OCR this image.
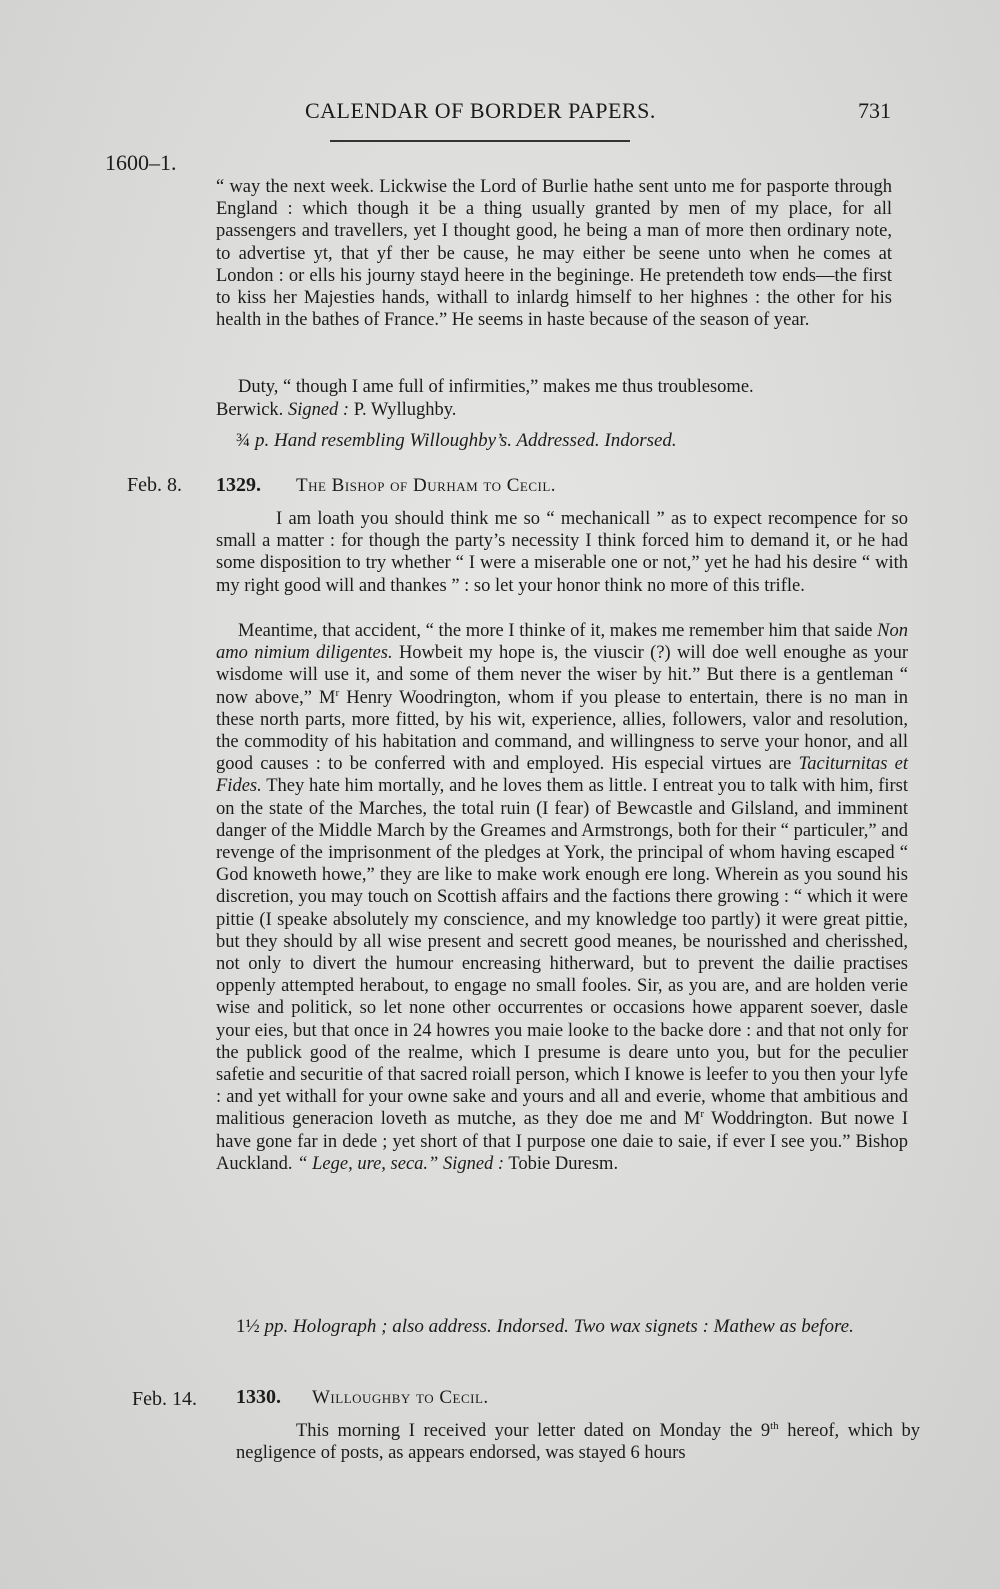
CALENDAR OF BORDER PAPERS.	731
1600–1.

“ way the next week. Lickwise the Lord of Burlie hathe sent unto me for pasporte through England : which though it be a thing usually granted by men of my place, for all passengers and travellers, yet I thought good, he being a man of more then ordinary note, to advertise yt, that yf ther be cause, he may either be seene unto when he comes at London : or ells his journy stayd heere in the begininge. He pretendeth tow ends—the first to kiss her Majesties hands, withall to inlardg himself to her highnes : the other for his health in the bathes of France.” He seems in haste because of the season of year.

Duty, “ though I ame full of infirmities,” makes me thus troublesome.

Berwick. Signed : P. Wyllughby.

¾ p. Hand resembling Willoughby’s. Addressed. Indorsed.

Feb. 8. 1329. The Bishop of Durham to Cecil.

I am loath you should think me so “ mechanicall ” as to expect recompence for so small a matter : for though the party’s necessity I think forced him to demand it, or he had some disposition to try whether “ I were a miserable one or not,” yet he had his desire “ with my right good will and thankes ” : so let your honor think no more of this trifle.

Meantime, that accident, “ the more I thinke of it, makes me remember him that saide Non amo nimium diligentes. Howbeit my hope is, the viuscir (?) will doe well enoughe as your wisdome will use it, and some of them never the wiser by hit.” But there is a gentleman “ now above,” $M^r$ Henry Woodrington, whom if you please to entertain, there is no man in these north parts, more fitted, by his wit, experience, allies, followers, valor and resolution, the commodity of his habitation and command, and willingness to serve your honor, and all good causes : to be conferred with and employed. His especial virtues are Taciturnitas et Fides. They hate him mortally, and he loves them as little. I entreat you to talk with him, first on the state of the Marches, the total ruin (I fear) of Bewcastle and Gilsland, and imminent danger of the Middle March by the Greames and Armstrongs, both for their “ particuler,” and revenge of the imprisonment of the pledges at York, the principal of whom having escaped “ God knoweth howe,” they are like to make work enough ere long. Wherein as you sound his discretion, you may touch on Scottish affairs and the factions there growing : “ which it were pittie (I speake absolutely my conscience, and my knowledge too partly) it were great pittie, but they should by all wise present and secrett good meanes, be nourisshed and cherisshed, not only to divert the humour encreasing hitherward, but to prevent the dailie practises oppenly attempted herabout, to engage no small fooles. Sir, as you are, and are holden verie wise and politick, so let none other occurrentes or occasions howe apparent soever, dasle your eies, but that once in 24 howres you maie looke to the backe dore : and that not only for the publick good of the realme, which I presume is deare unto you, but for the peculier safetie and securitie of that sacred roiall person, which I knowe is leefer to you then your lyfe : and yet withall for your owne sake and yours and all and everie, whome that ambitious and malitious generacion loveth as mutche, as they doe me and $M^r$ Woddrington. But nowe I have gone far in dede ; yet short of that I purpose one daie to saie, if ever I see you.” Bishop Auckland. “ Lege, ure, seca.” Signed : Tobie Duresm.

1½ pp. Holograph ; also address. Indorsed. Two wax signets : Mathew as before.

Feb. 14. 1330. Willoughby to Cecil.

This morning I received your letter dated on Monday the 9th hereof, which by negligence of posts, as appears endorsed, was stayed 6 hours
